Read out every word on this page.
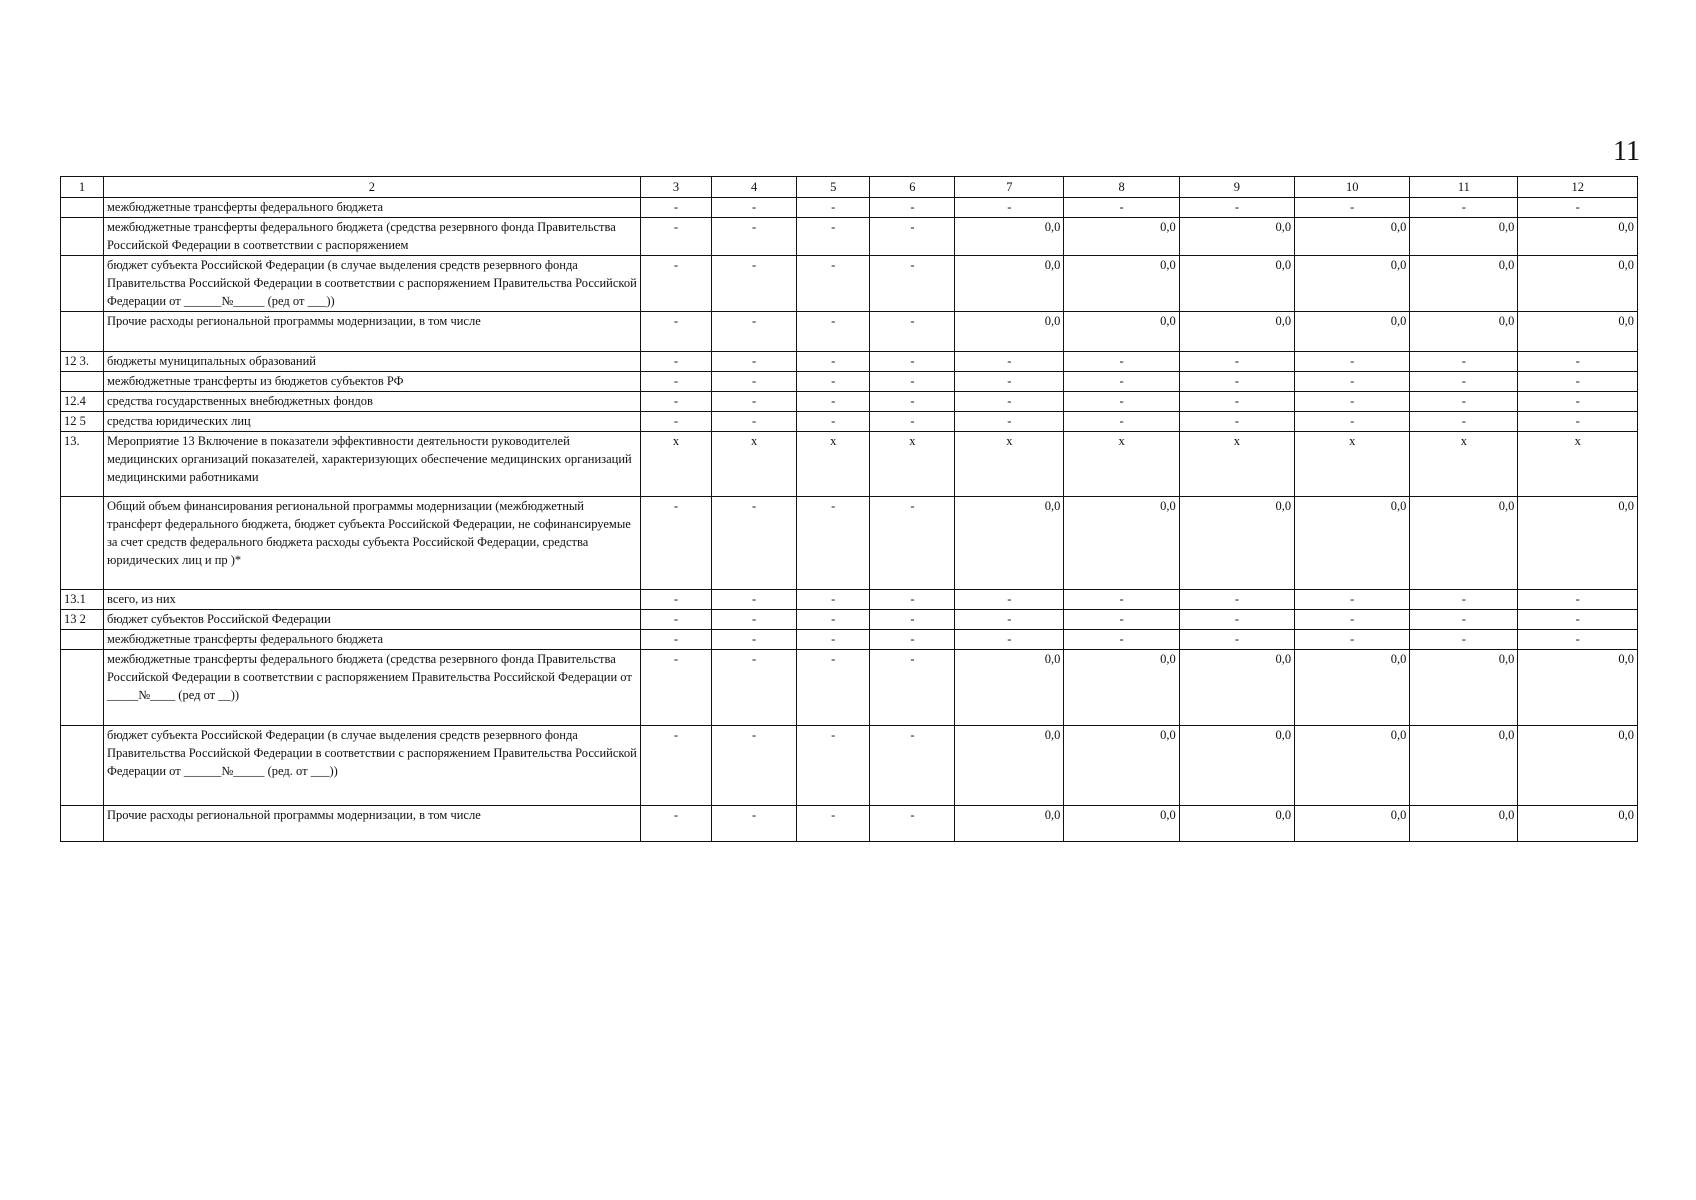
11
1	2	3	4	5	6	7	8	9	10	11	12
	межбюджетные трансферты федерального бюджета	-	-	-	-	-	-	-	-	-	-
	межбюджетные трансферты федерального бюджета (средства резервного фонда Правительства Российской Федерации в соответствии с распоряжением	-	-	-	-	0,0	0,0	0,0	0,0	0,0	0,0
	бюджет субъекта Российской Федерации (в случае выделения средств резервного фонда Правительства Российской Федерации в соответствии с распоряжением Правительства Российской Федерации от ______№_____ (ред от ___))	-	-	-	-	0,0	0,0	0,0	0,0	0,0	0,0
	Прочие расходы региональной программы модернизации, в том числе	-	-	-	-	0,0	0,0	0,0	0,0	0,0	0,0
12 3.	бюджеты муниципальных образований	-	-	-	-	-	-	-	-	-	-
	межбюджетные трансферты из бюджетов субъектов РФ	-	-	-	-	-	-	-	-	-	-
12.4	средства государственных внебюджетных фондов	-	-	-	-	-	-	-	-	-	-
12 5	средства юридических лиц	-	-	-	-	-	-	-	-	-	-
13.	Мероприятие 13 Включение в показатели эффективности деятельности руководителей медицинских организаций показателей, характеризующих обеспечение медицинских организаций медицинскими работниками	x	x	x	x	x	x	x	x	x	x
	Общий объем финансирования региональной программы модернизации (межбюджетный трансферт федерального бюджета, бюджет субъекта Российской Федерации, не софинансируемые за счет средств федерального бюджета расходы субъекта Российской Федерации, средства юридических лиц и пр )*	-	-	-	-	0,0	0,0	0,0	0,0	0,0	0,0
13.1	всего, из них	-	-	-	-	-	-	-	-	-	-
13 2	бюджет субъектов Российской Федерации	-	-	-	-	-	-	-	-	-	-
	межбюджетные трансферты федерального бюджета	-	-	-	-	-	-	-	-	-	-
	межбюджетные трансферты федерального бюджета (средства резервного фонда Правительства Российской Федерации в соответствии с распоряжением Правительства Российской Федерации от _____№____ (ред от __))	-	-	-	-	0,0	0,0	0,0	0,0	0,0	0,0
	бюджет субъекта Российской Федерации (в случае выделения средств резервного фонда Правительства Российской Федерации в соответствии с распоряжением Правительства Российской Федерации от ______№_____ (ред. от ___))	-	-	-	-	0,0	0,0	0,0	0,0	0,0	0,0
	Прочие расходы региональной программы модернизации, в том числе	-	-	-	-	0,0	0,0	0,0	0,0	0,0	0,0
